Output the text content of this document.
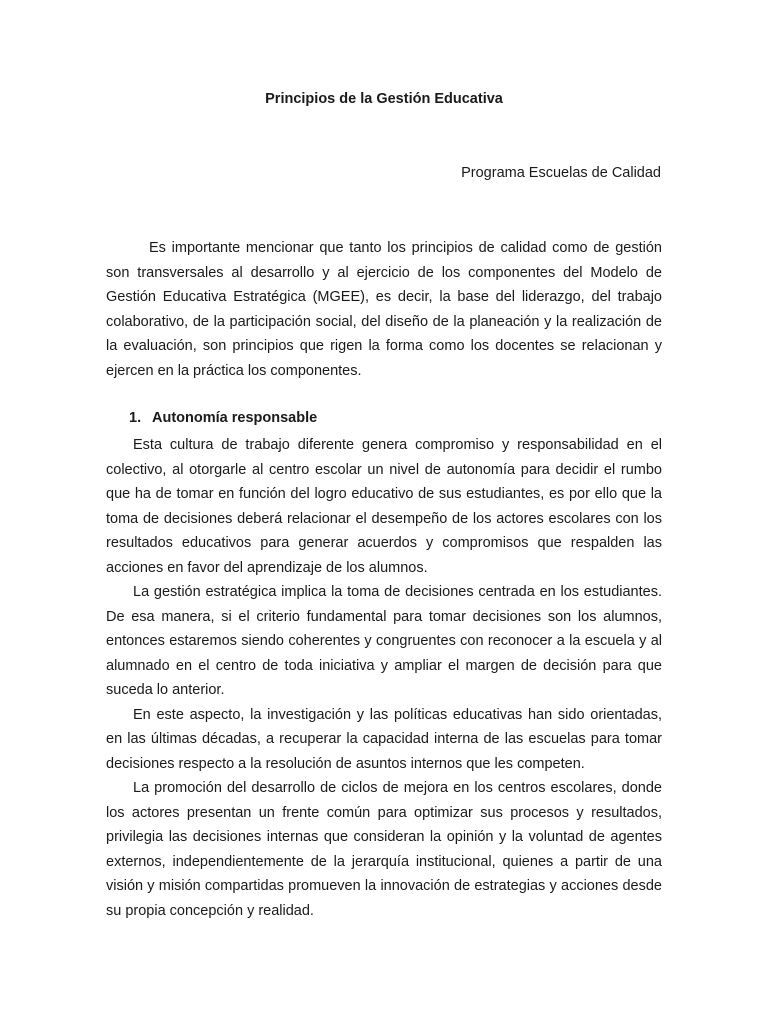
Principios de la Gestión Educativa

Programa Escuelas de Calidad

Es importante mencionar que tanto los principios de calidad como de gestión son transversales al desarrollo y al ejercicio de los componentes del Modelo de Gestión Educativa Estratégica (MGEE), es decir, la base del liderazgo, del trabajo colaborativo, de la participación social, del diseño de la planeación y la realización de la evaluación, son principios que rigen la forma como los docentes se relacionan y ejercen en la práctica los componentes.

1. Autonomía responsable

Esta cultura de trabajo diferente genera compromiso y responsabilidad en el colectivo, al otorgarle al centro escolar un nivel de autonomía para decidir el rumbo que ha de tomar en función del logro educativo de sus estudiantes, es por ello que la toma de decisiones deberá relacionar el desempeño de los actores escolares con los resultados educativos para generar acuerdos y compromisos que respalden las acciones en favor del aprendizaje de los alumnos.

La gestión estratégica implica la toma de decisiones centrada en los estudiantes. De esa manera, si el criterio fundamental para tomar decisiones son los alumnos, entonces estaremos siendo coherentes y congruentes con reconocer a la escuela y al alumnado en el centro de toda iniciativa y ampliar el margen de decisión para que suceda lo anterior.

En este aspecto, la investigación y las políticas educativas han sido orientadas, en las últimas décadas, a recuperar la capacidad interna de las escuelas para tomar decisiones respecto a la resolución de asuntos internos que les competen.

La promoción del desarrollo de ciclos de mejora en los centros escolares, donde los actores presentan un frente común para optimizar sus procesos y resultados, privilegia las decisiones internas que consideran la opinión y la voluntad de agentes externos, independientemente de la jerarquía institucional, quienes a partir de una visión y misión compartidas promueven la innovación de estrategias y acciones desde su propia concepción y realidad.
